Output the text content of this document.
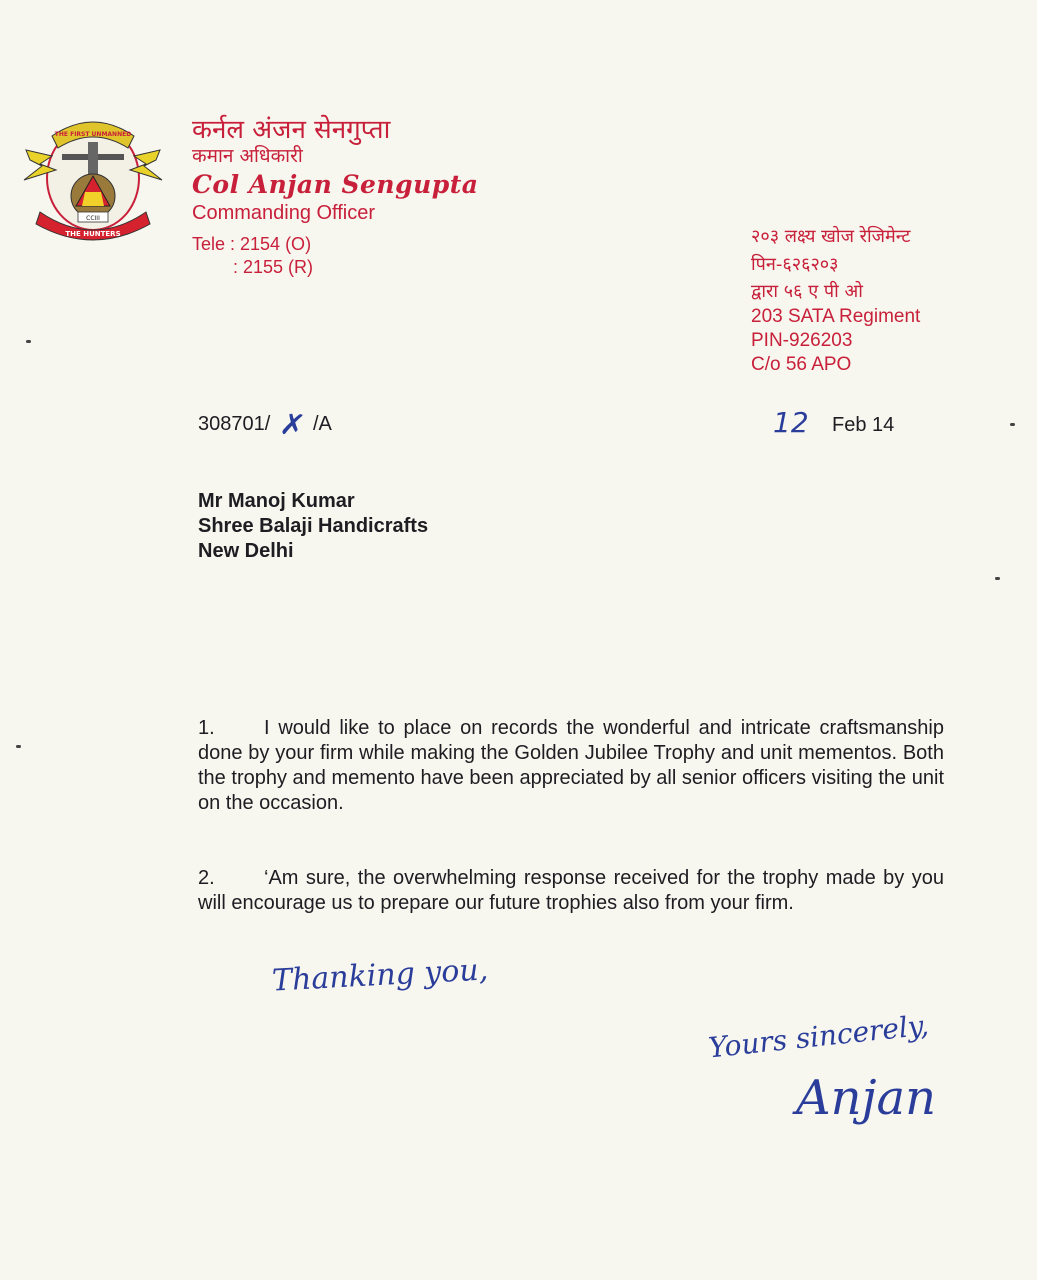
CCIII
THE HUNTERS
THE FIRST UNMANNED कर्नल अंजन सेनगुप्ता
कमान अधिकारी
Col Anjan Sengupta
Commanding Officer
Tele : 2154 (O)
: 2155 (R)
२०३ लक्ष्य खोज रेजिमेन्ट
पिन-६२६२०३
द्वारा ५६ ए पी ओ
203 SATA Regiment
PIN-926203
C/o 56 APO
308701/ ✗ /A	12 Feb 14
Mr Manoj Kumar
Shree Balaji Handicrafts
New Delhi
1. I would like to place on records the wonderful and intricate craftsmanship done by your firm while making the Golden Jubilee Trophy and unit mementos. Both the trophy and memento have been appreciated by all senior officers visiting the unit on the occasion.
2. ‘Am sure, the overwhelming response received for the trophy made by you will encourage us to prepare our future trophies also from your firm.
Thanking you,
Yours sincerely,
Anjan
